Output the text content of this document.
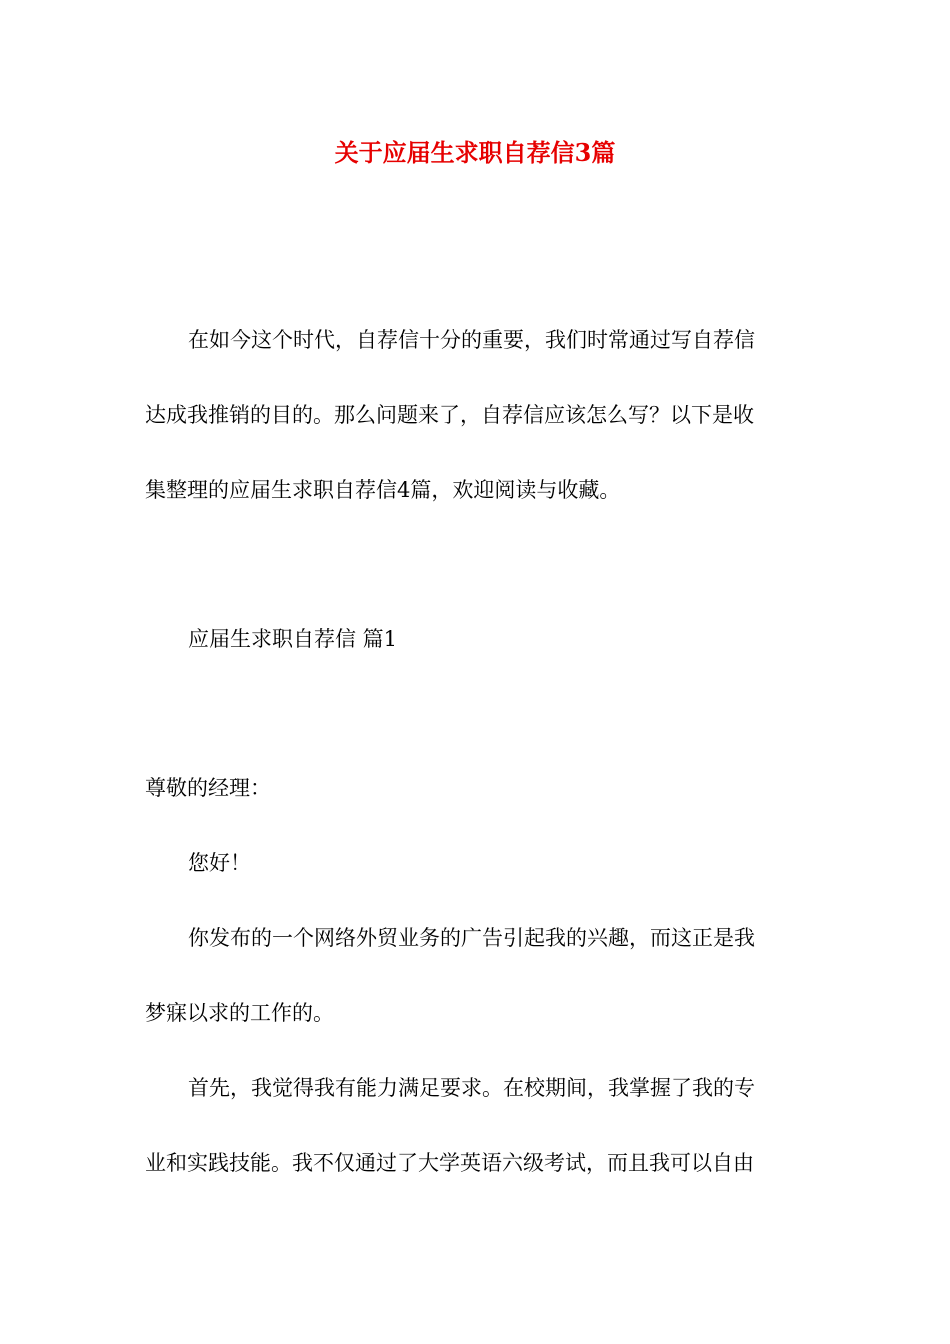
关于应届生求职自荐信3篇
在如今这个时代，自荐信十分的重要，我们时常通过写自荐信
达成我推销的目的。那么问题来了，自荐信应该怎么写？以下是收
集整理的应届生求职自荐信4篇，欢迎阅读与收藏。
应届生求职自荐信 篇1
尊敬的经理：
您好！
你发布的一个网络外贸业务的广告引起我的兴趣，而这正是我
梦寐以求的工作的。
首先，我觉得我有能力满足要求。在校期间，我掌握了我的专
业和实践技能。我不仅通过了大学英语六级考试，而且我可以自由
